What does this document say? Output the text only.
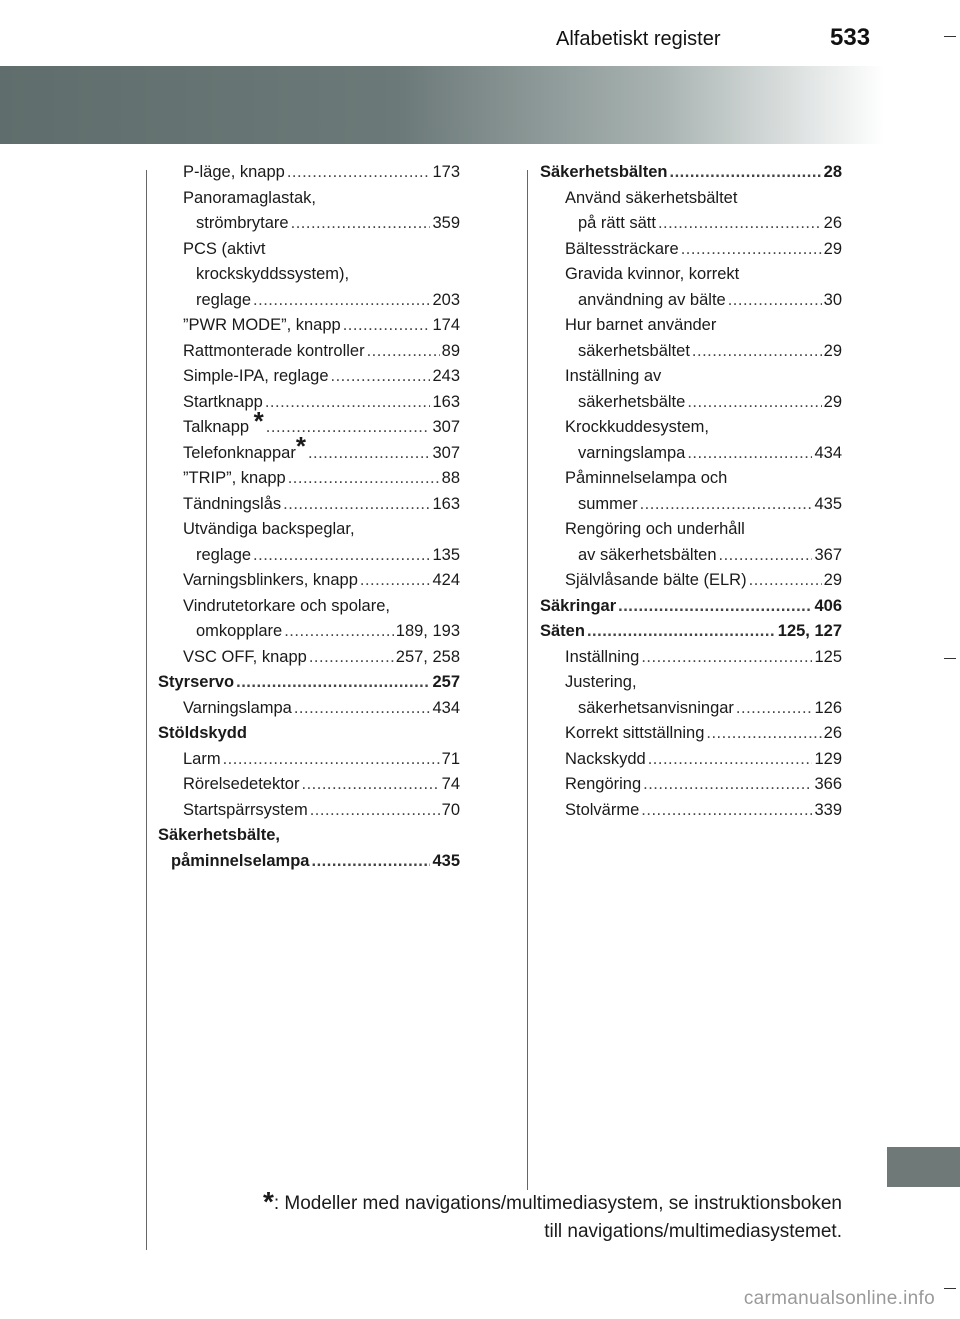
533
Alfabetiskt register
P-läge, knapp .....	173
Panoramaglastak,
strömbrytare .....	359
PCS (aktivt
krockskyddssystem),
reglage .....	203
”PWR MODE”, knapp .....	174
Rattmonterade kontroller .....	89
Simple-IPA, reglage .....	243
Startknapp .....	163
Talknapp * .....	307
Telefonknappar* .....	307
”TRIP”, knapp .....	88
Tändningslås .....	163
Utvändiga backspeglar,
reglage .....	135
Varningsblinkers, knapp .....	424
Vindrutetorkare och spolare,
omkopplare .....	189, 193
VSC OFF, knapp .....	257, 258
Styrservo .....	257
Varningslampa .....	434
Stöldskydd
Larm .....	71
Rörelsedetektor .....	74
Startspärrsystem .....	70
Säkerhetsbälte,
påminnelselampa .....	435
Säkerhetsbälten .....	28
Använd säkerhetsbältet
på rätt sätt .....	26
Bältessträckare .....	29
Gravida kvinnor, korrekt
användning av bälte .....	30
Hur barnet använder
säkerhetsbältet .....	29
Inställning av
säkerhetsbälte .....	29
Krockkuddesystem,
varningslampa .....	434
Påminnelselampa och
summer .....	435
Rengöring och underhåll
av säkerhetsbälten .....	367
Självlåsande bälte (ELR) .....	29
Säkringar .....	406
Säten .....	125, 127
Inställning .....	125
Justering,
säkerhetsanvisningar .....	126
Korrekt sittställning .....	26
Nackskydd .....	129
Rengöring .....	366
Stolvärme .....	339
*: Modeller med navigations/multimediasystem, se instruktionsboken
till navigations/multimediasystemet.
carmanualsonline.info
